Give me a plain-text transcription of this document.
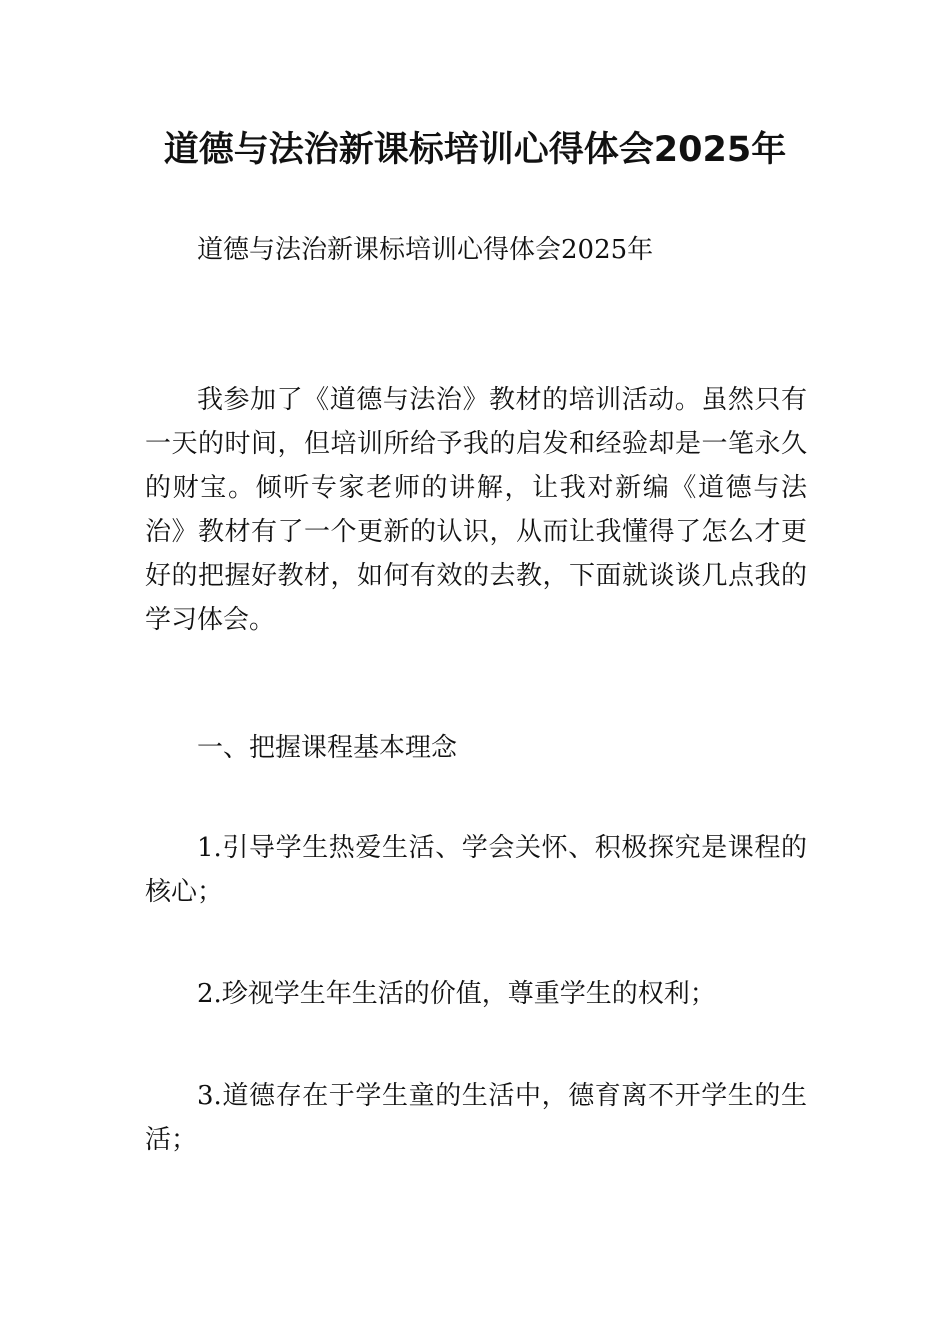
道德与法治新课标培训心得体会2025年

道德与法治新课标培训心得体会2025年

我参加了《道德与法治》教材的培训活动。虽然只有一天的时间，但培训所给予我的启发和经验却是一笔永久的财宝。倾听专家老师的讲解，让我对新编《道德与法治》教材有了一个更新的认识，从而让我懂得了怎么才更好的把握好教材，如何有效的去教，下面就谈谈几点我的学习体会。

一、把握课程基本理念

1.引导学生热爱生活、学会关怀、积极探究是课程的核心；

2.珍视学生年生活的价值，尊重学生的权利；

3.道德存在于学生童的生活中，德育离不开学生的生活；
